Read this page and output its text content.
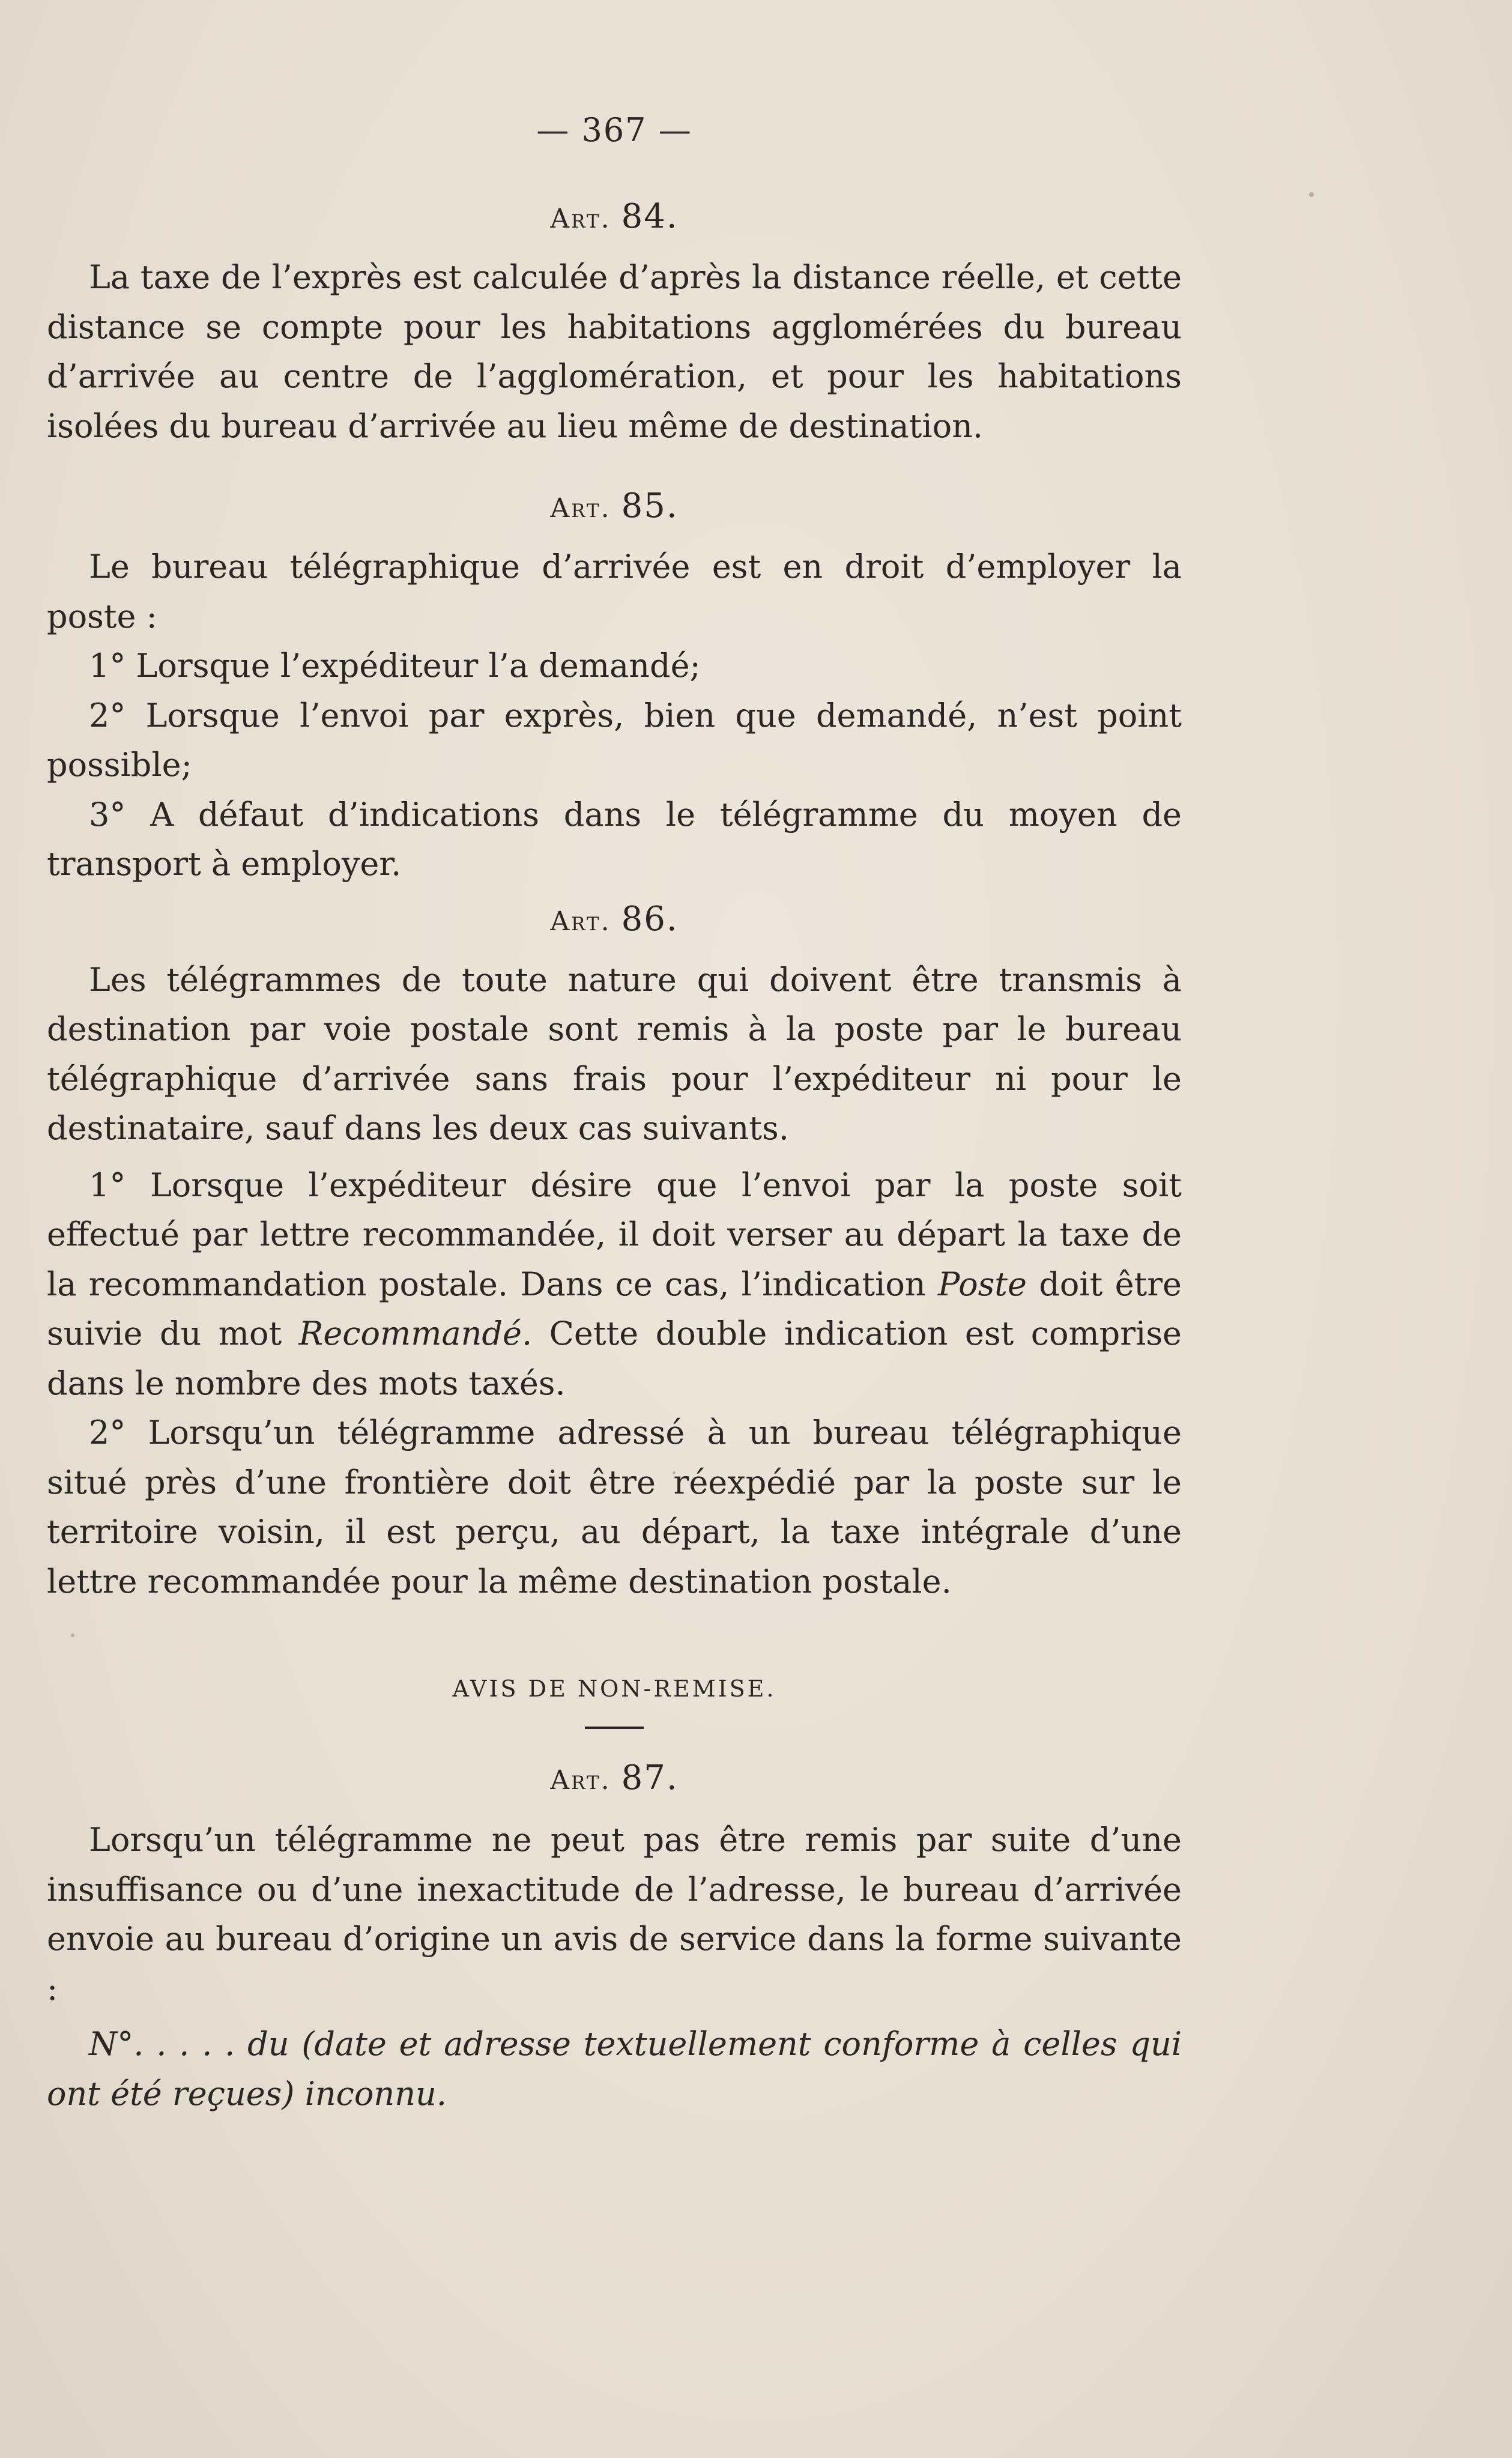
— 367 —
Art. 84.

La taxe de l’exprès est calculée d’après la distance réelle, et cette distance se compte pour les habitations agglomérées du bureau d’arrivée au centre de l’agglomération, et pour les habitations isolées du bureau d’arrivée au lieu même de destination.

Art. 85.

Le bureau télégraphique d’arrivée est en droit d’employer la poste :

1° Lorsque l’expéditeur l’a demandé;

2° Lorsque l’envoi par exprès, bien que demandé, n’est point possible;

3° A défaut d’indications dans le télégramme du moyen de transport à employer.

Art. 86.

Les télégrammes de toute nature qui doivent être transmis à destination par voie postale sont remis à la poste par le bureau télégraphique d’arrivée sans frais pour l’expéditeur ni pour le destinataire, sauf dans les deux cas suivants.

1° Lorsque l’expéditeur désire que l’envoi par la poste soit effectué par lettre recommandée, il doit verser au départ la taxe de la recommandation postale. Dans ce cas, l’indication Poste doit être suivie du mot Recommandé. Cette double indication est comprise dans le nombre des mots taxés.

2° Lorsqu’un télégramme adressé à un bureau télégraphique situé près d’une frontière doit être réexpédié par la poste sur le territoire voisin, il est perçu, au départ, la taxe intégrale d’une lettre recommandée pour la même destination postale.

AVIS DE NON-REMISE.
Art. 87.

Lorsqu’un télégramme ne peut pas être remis par suite d’une insuffisance ou d’une inexactitude de l’adresse, le bureau d’arrivée envoie au bureau d’origine un avis de service dans la forme suivante :

N°. . . . . du (date et adresse textuellement conforme à celles qui ont été reçues) inconnu.
